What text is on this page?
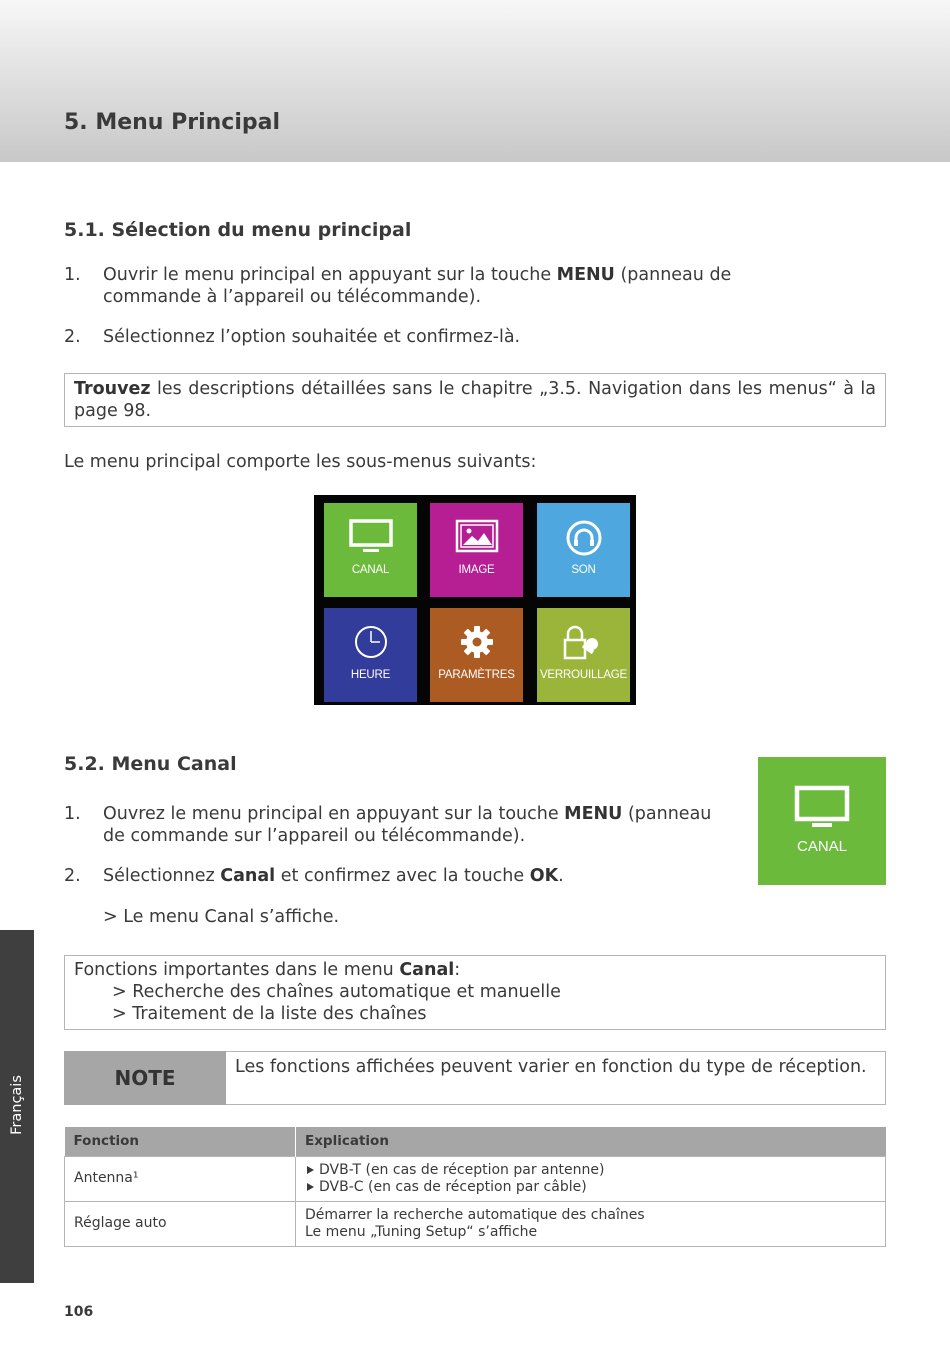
5. Menu Principal
5.1. Sélection du menu principal
1. Ouvrir le menu principal en appuyant sur la touche MENU (panneau de commande à l’appareil ou télécommande).
2. Sélectionnez l’option souhaitée et confirmez-là.
Trouvez les descriptions détaillées sans le chapitre „3.5. Navigation dans les menus“ à la page 98.
Le menu principal comporte les sous-menus suivants:
CANAL	IMAGE	SON
HEURE	PARAMÈTRES	VERROUILLAGE
5.2. Menu Canal
1. Ouvrez le menu principal en appuyant sur la touche MENU (panneau de commande sur l’appareil ou télécommande).
2. Sélectionnez Canal et confirmez avec la touche OK.
> Le menu Canal s’affiche.
CANAL
Fonctions importantes dans le menu Canal:
> Recherche des chaînes automatique et manuelle
> Traitement de la liste des chaînes
NOTE	Les fonctions affichées peuvent varier en fonction du type de réception.
Fonction	Explication
Antenna¹	DVB-T (en cas de réception par antenne)
DVB-C (en cas de réception par câble)

Réglage auto	Démarrer la recherche automatique des chaînes
Le menu „Tuning Setup“ s’affiche
Français
106
